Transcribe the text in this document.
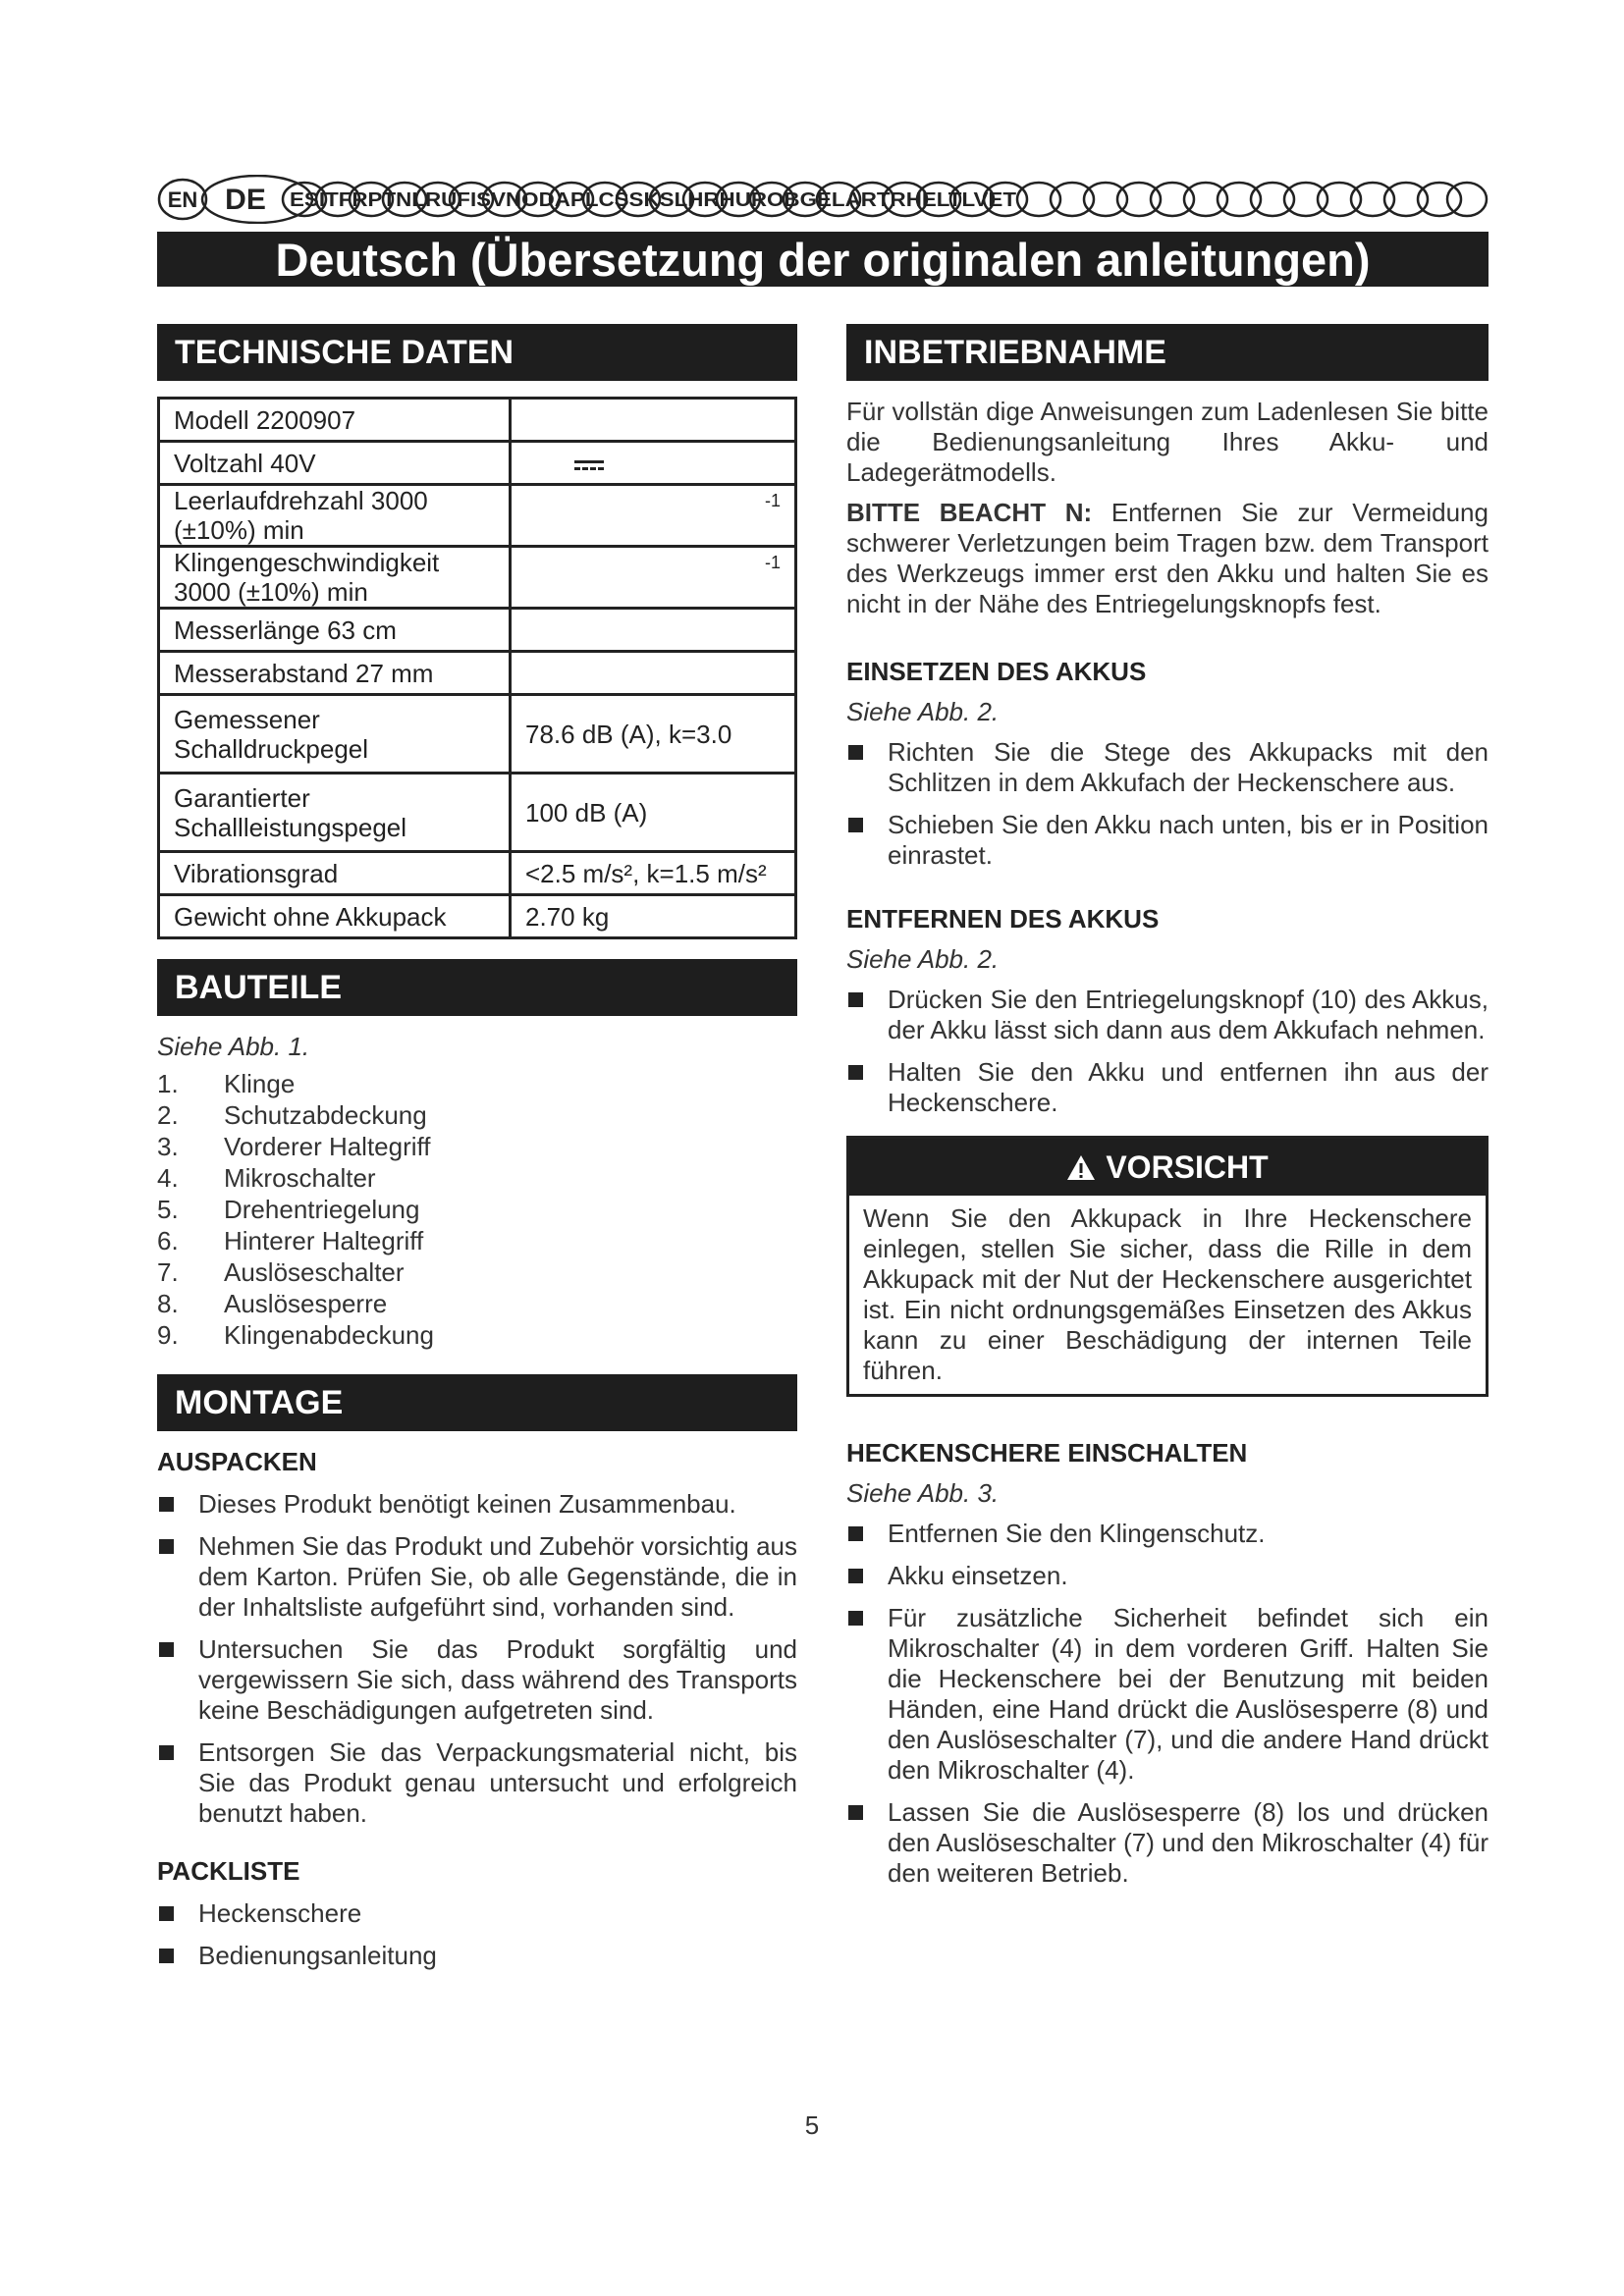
EN DE ESITFRPTNLRUFISVNODAPLCSSKSLHRHUROBGELARTRHELTLVET
Deutsch (Übersetzung der originalen anleitungen)
TECHNISCHE DATEN
Modell 2200907	
Voltzahl 40V	

Leerlaufdrehzahl 3000 (±10%) min	$^{-1}$
Klingengeschwindigkeit 3000 (±10%) min	$^{-1}$
Messerlänge 63 cm	
Messerabstand 27 mm	
Gemessener Schalldruckpegel	78.6 dB (A), k=3.0
Garantierter Schallleistungspegel	100 dB (A)
Vibrationsgrad	<2.5 m/s², k=1.5 m/s²
Gewicht ohne Akkupack	2.70 kg
BAUTEILE
Siehe Abb. 1.
1.	Klinge
2.	Schutzabdeckung
3.	Vorderer Haltegriff
4.	Mikroschalter
5.	Drehentriegelung
6.	Hinterer Haltegriff
7.	Auslöseschalter
8.	Auslösesperre
9.	Klingenabdeckung
MONTAGE
AUSPACKEN
Dieses Produkt benötigt keinen Zusammenbau.
Nehmen Sie das Produkt und Zubehör vorsichtig aus dem Karton. Prüfen Sie, ob alle Gegenstände, die in der Inhaltsliste aufgeführt sind, vorhanden sind.
Untersuchen Sie das Produkt sorgfältig und vergewissern Sie sich, dass während des Transports keine Beschädigungen aufgetreten sind.
Entsorgen Sie das Verpackungsmaterial nicht, bis Sie das Produkt genau untersucht und erfolgreich benutzt haben.
PACKLISTE
Heckenschere
Bedienungsanleitung
INBETRIEBNAHME
Für vollstän dige Anweisungen zum Ladenlesen Sie bitte die Bedienungsanleitung Ihres Akku- und Ladegerätmodells.
BITTE BEACHT N: Entfernen Sie zur Vermeidung schwerer Verletzungen beim Tragen bzw. dem Transport des Werkzeugs immer erst den Akku und halten Sie es nicht in der Nähe des Entriegelungsknopfs fest.
EINSETZEN DES AKKUS
Siehe Abb. 2.
Richten Sie die Stege des Akkupacks mit den Schlitzen in dem Akkufach der Heckenschere aus.
Schieben Sie den Akku nach unten, bis er in Position einrastet.
ENTFERNEN DES AKKUS
Siehe Abb. 2.
Drücken Sie den Entriegelungsknopf (10) des Akkus, der Akku lässt sich dann aus dem Akkufach nehmen.
Halten Sie den Akku und entfernen ihn aus der Heckenschere.
VORSICHT
Wenn Sie den Akkupack in Ihre Heckenschere einlegen, stellen Sie sicher, dass die Rille in dem Akkupack mit der Nut der Heckenschere ausgerichtet ist. Ein nicht ordnungsgemäßes Einsetzen des Akkus kann zu einer Beschädigung der internen Teile führen.
HECKENSCHERE EINSCHALTEN
Siehe Abb. 3.
Entfernen Sie den Klingenschutz.
Akku einsetzen.
Für zusätzliche Sicherheit befindet sich ein Mikroschalter (4) in dem vorderen Griff. Halten Sie die Heckenschere bei der Benutzung mit beiden Händen, eine Hand drückt die Auslösesperre (8) und den Auslöseschalter (7), und die andere Hand drückt den Mikroschalter (4).
Lassen Sie die Auslösesperre (8) los und drücken den Auslöseschalter (7) und den Mikroschalter (4) für den weiteren Betrieb.
5
